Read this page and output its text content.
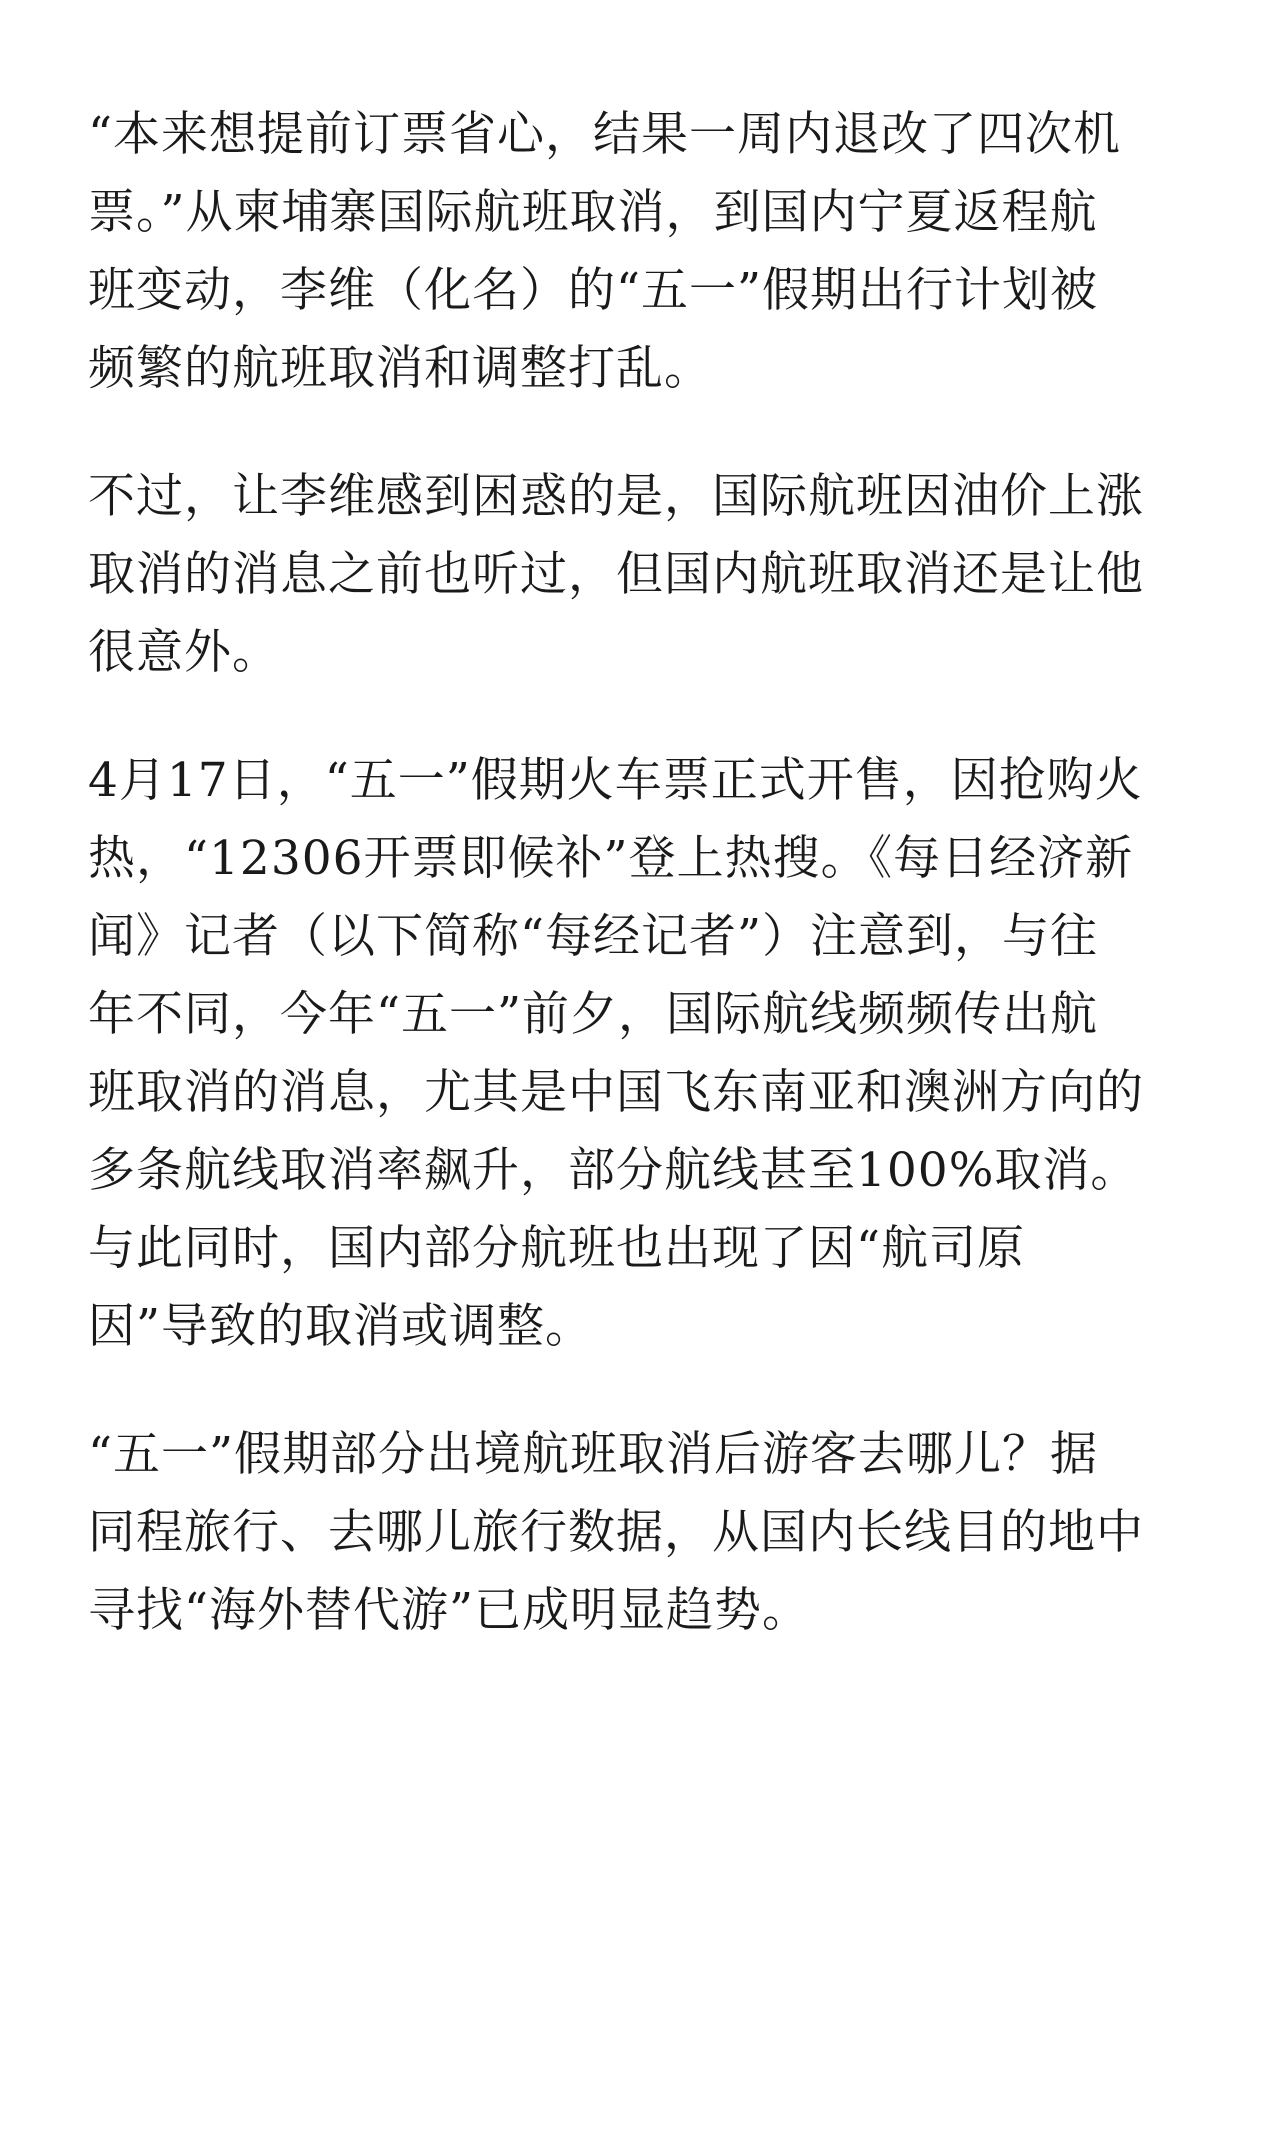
“本来想提前订票省心，结果一周内退改了四次机
票。”从柬埔寨国际航班取消，到国内宁夏返程航
班变动，李维（化名）的“五一”假期出行计划被
频繁的航班取消和调整打乱。

不过，让李维感到困惑的是，国际航班因油价上涨
取消的消息之前也听过，但国内航班取消还是让他
很意外。

4月17日，“五一”假期火车票正式开售，因抢购火
热，“12306开票即候补”登上热搜。《每日经济新
闻》记者（以下简称“每经记者”）注意到，与往
年不同，今年“五一”前夕，国际航线频频传出航
班取消的消息，尤其是中国飞东南亚和澳洲方向的
多条航线取消率飙升，部分航线甚至100%取消。
与此同时，国内部分航班也出现了因“航司原
因”导致的取消或调整。

“五一”假期部分出境航班取消后游客去哪儿？据
同程旅行、去哪儿旅行数据，从国内长线目的地中
寻找“海外替代游”已成明显趋势。
